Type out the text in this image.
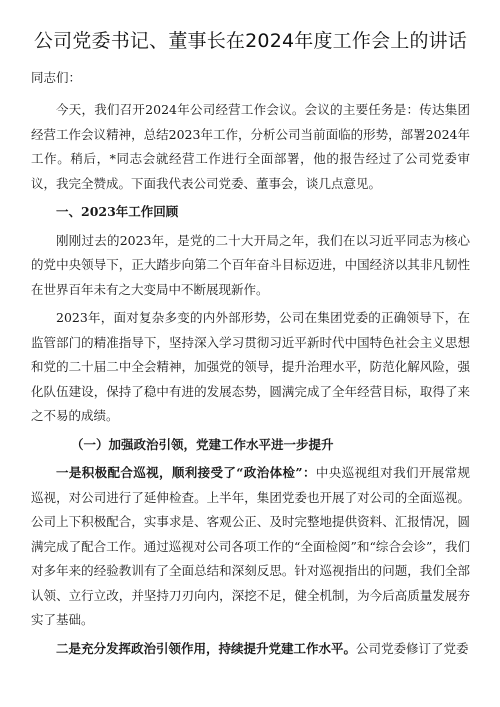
公司党委书记、董事长在2024年度工作会上的讲话
同志们：

今天，我们召开2024年公司经营工作会议。会议的主要任务是：传达集团经营工作会议精神，总结2023年工作，分析公司当前面临的形势，部署2024年工作。稍后，*同志会就经营工作进行全面部署，他的报告经过了公司党委审议，我完全赞成。下面我代表公司党委、董事会，谈几点意见。

一、2023年工作回顾

刚刚过去的2023年，是党的二十大开局之年，我们在以习近平同志为核心的党中央领导下，正大踏步向第二个百年奋斗目标迈进，中国经济以其非凡韧性在世界百年未有之大变局中不断展现新作。

2023年，面对复杂多变的内外部形势，公司在集团党委的正确领导下，在监管部门的精准指导下，坚持深入学习贯彻习近平新时代中国特色社会主义思想和党的二十届二中全会精神，加强党的领导，提升治理水平，防范化解风险，强化队伍建设，保持了稳中有进的发展态势，圆满完成了全年经营目标，取得了来之不易的成绩。

（一）加强政治引领，党建工作水平进一步提升

一是积极配合巡视，顺利接受了“政治体检”：中央巡视组对我们开展常规巡视，对公司进行了延伸检查。上半年，集团党委也开展了对公司的全面巡视。公司上下积极配合，实事求是、客观公正、及时完整地提供资料、汇报情况，圆满完成了配合工作。通过巡视对公司各项工作的“全面检阅”和“综合会诊”，我们对多年来的经验教训有了全面总结和深刻反思。针对巡视指出的问题，我们全部认领、立行立改，并坚持刀刃向内，深挖不足，健全机制，为今后高质量发展夯实了基础。

二是充分发挥政治引领作用，持续提升党建工作水平。公司党委修订了党委
